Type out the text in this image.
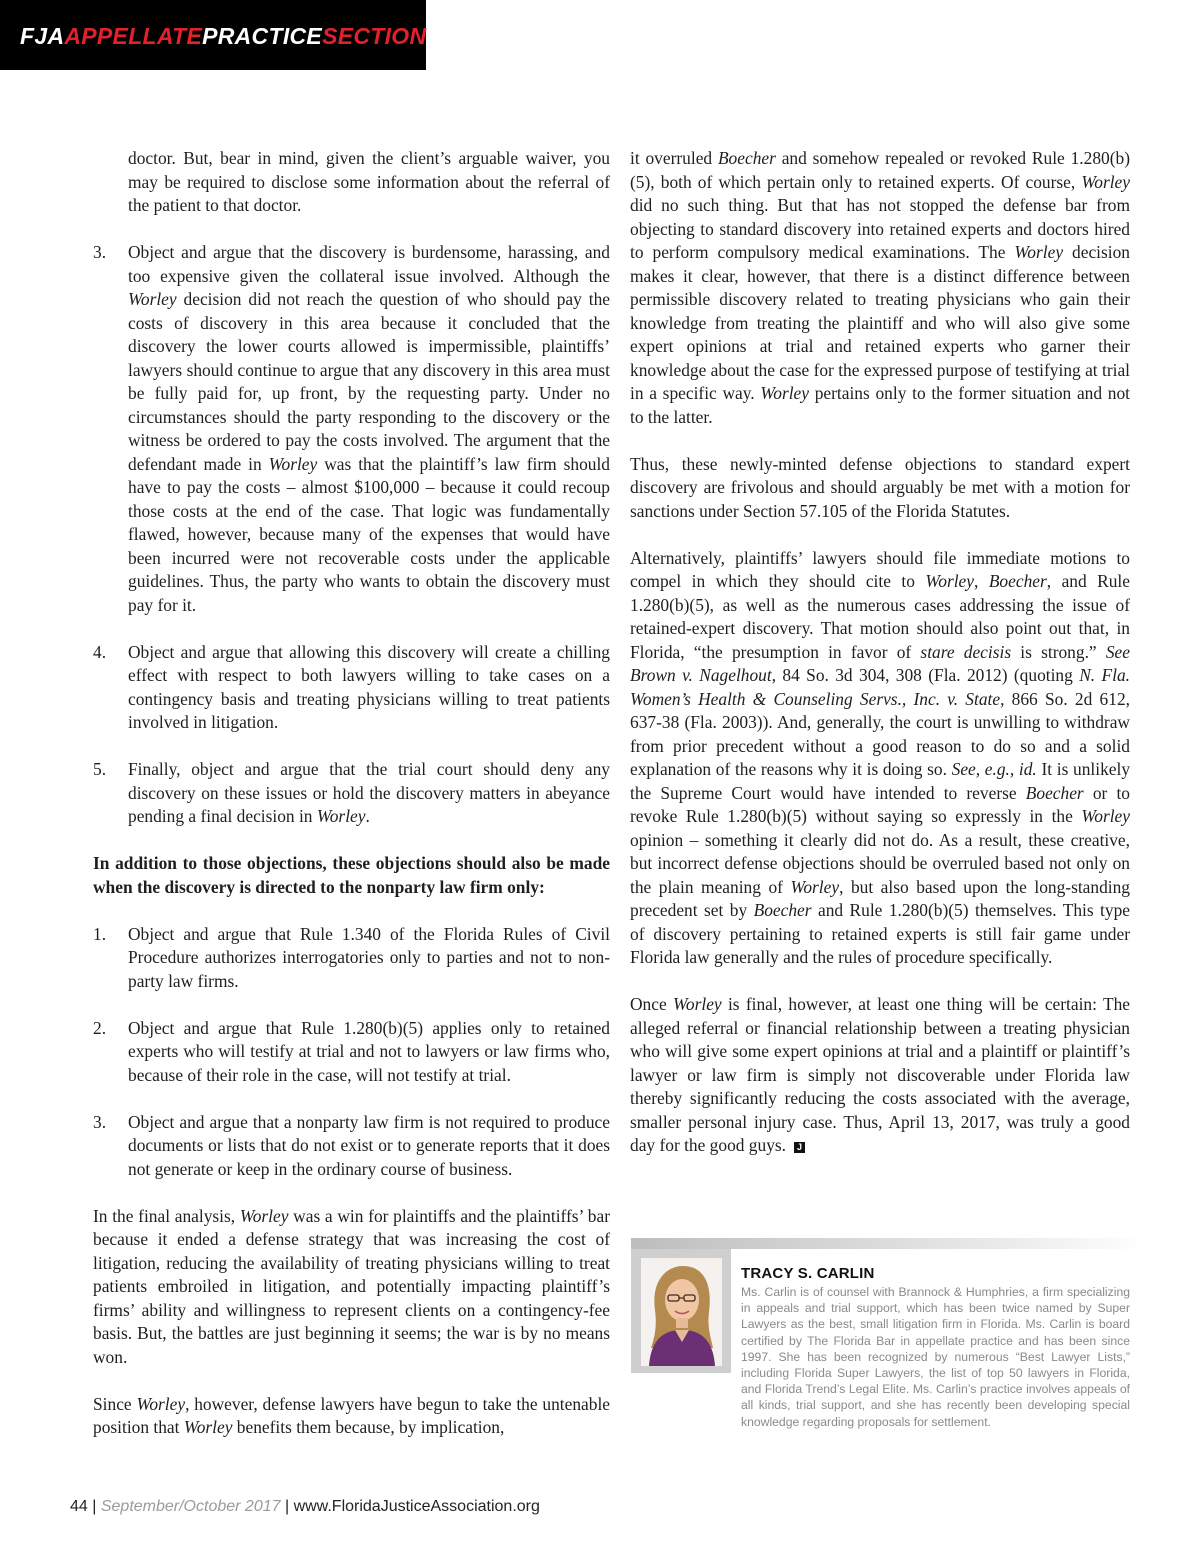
FJAAPPELLATEPRACTICESECTION

doctor. But, bear in mind, given the client’s arguable waiver, you may be required to disclose some information about the referral of the patient to that doctor.

3. Object and argue that the discovery is burdensome, harassing, and too expensive given the collateral issue involved. Although the Worley decision did not reach the question of who should pay the costs of discovery in this area because it concluded that the discovery the lower courts allowed is impermissible, plaintiffs’ lawyers should continue to argue that any discovery in this area must be fully paid for, up front, by the requesting party. Under no circumstances should the party responding to the discovery or the witness be ordered to pay the costs involved. The argument that the defendant made in Worley was that the plaintiff’s law firm should have to pay the costs – almost $100,000 – because it could recoup those costs at the end of the case. That logic was fundamentally flawed, however, because many of the expenses that would have been incurred were not recoverable costs under the applicable guidelines. Thus, the party who wants to obtain the discovery must pay for it.
4. Object and argue that allowing this discovery will create a chilling effect with respect to both lawyers willing to take cases on a contingency basis and treating physicians willing to treat patients involved in litigation.
5. Finally, object and argue that the trial court should deny any discovery on these issues or hold the discovery matters in abeyance pending a final decision in Worley.

In addition to those objections, these objections should also be made when the discovery is directed to the nonparty law firm only:

1. Object and argue that Rule 1.340 of the Florida Rules of Civil Procedure authorizes interrogatories only to parties and not to non-party law firms.
2. Object and argue that Rule 1.280(b)(5) applies only to retained experts who will testify at trial and not to lawyers or law firms who, because of their role in the case, will not testify at trial.
3. Object and argue that a nonparty law firm is not required to produce documents or lists that do not exist or to generate reports that it does not generate or keep in the ordinary course of business.

In the final analysis, Worley was a win for plaintiffs and the plaintiffs’ bar because it ended a defense strategy that was increasing the cost of litigation, reducing the availability of treating physicians willing to treat patients embroiled in litigation, and potentially impacting plaintiff’s firms’ ability and willingness to represent clients on a contingency-fee basis. But, the battles are just beginning it seems; the war is by no means won.

Since Worley, however, defense lawyers have begun to take the untenable position that Worley benefits them because, by implication,

it overruled Boecher and somehow repealed or revoked Rule 1.280(b)(5), both of which pertain only to retained experts. Of course, Worley did no such thing. But that has not stopped the defense bar from objecting to standard discovery into retained experts and doctors hired to perform compulsory medical examinations. The Worley decision makes it clear, however, that there is a distinct difference between permissible discovery related to treating physicians who gain their knowledge from treating the plaintiff and who will also give some expert opinions at trial and retained experts who garner their knowledge about the case for the expressed purpose of testifying at trial in a specific way. Worley pertains only to the former situation and not to the latter.

Thus, these newly-minted defense objections to standard expert discovery are frivolous and should arguably be met with a motion for sanctions under Section 57.105 of the Florida Statutes.

Alternatively, plaintiffs’ lawyers should file immediate motions to compel in which they should cite to Worley, Boecher, and Rule 1.280(b)(5), as well as the numerous cases addressing the issue of retained-expert discovery. That motion should also point out that, in Florida, “the presumption in favor of stare decisis is strong.” See Brown v. Nagelhout, 84 So. 3d 304, 308 (Fla. 2012) (quoting N. Fla. Women’s Health & Counseling Servs., Inc. v. State, 866 So. 2d 612, 637-38 (Fla. 2003)). And, generally, the court is unwilling to withdraw from prior precedent without a good reason to do so and a solid explanation of the reasons why it is doing so. See, e.g., id. It is unlikely the Supreme Court would have intended to reverse Boecher or to revoke Rule 1.280(b)(5) without saying so expressly in the Worley opinion – something it clearly did not do. As a result, these creative, but incorrect defense objections should be overruled based not only on the plain meaning of Worley, but also based upon the long-standing precedent set by Boecher and Rule 1.280(b)(5) themselves. This type of discovery pertaining to retained experts is still fair game under Florida law generally and the rules of procedure specifically.

Once Worley is final, however, at least one thing will be certain: The alleged referral or financial relationship between a treating physician who will give some expert opinions at trial and a plaintiff or plaintiff’s lawyer or law firm is simply not discoverable under Florida law thereby significantly reducing the costs associated with the average, smaller personal injury case. Thus, April 13, 2017, was truly a good day for the good guys. J

TRACY S. CARLIN
Ms. Carlin is of counsel with Brannock & Humphries, a firm specializing in appeals and trial support, which has been twice named by Super Lawyers as the best, small litigation firm in Florida. Ms. Carlin is board certified by The Florida Bar in appellate practice and has been since 1997. She has been recognized by numerous “Best Lawyer Lists,” including Florida Super Lawyers, the list of top 50 lawyers in Florida, and Florida Trend’s Legal Elite. Ms. Carlin’s practice involves appeals of all kinds, trial support, and she has recently been developing special knowledge regarding proposals for settlement.
44 | September/October 2017 | www.FloridaJusticeAssociation.org
